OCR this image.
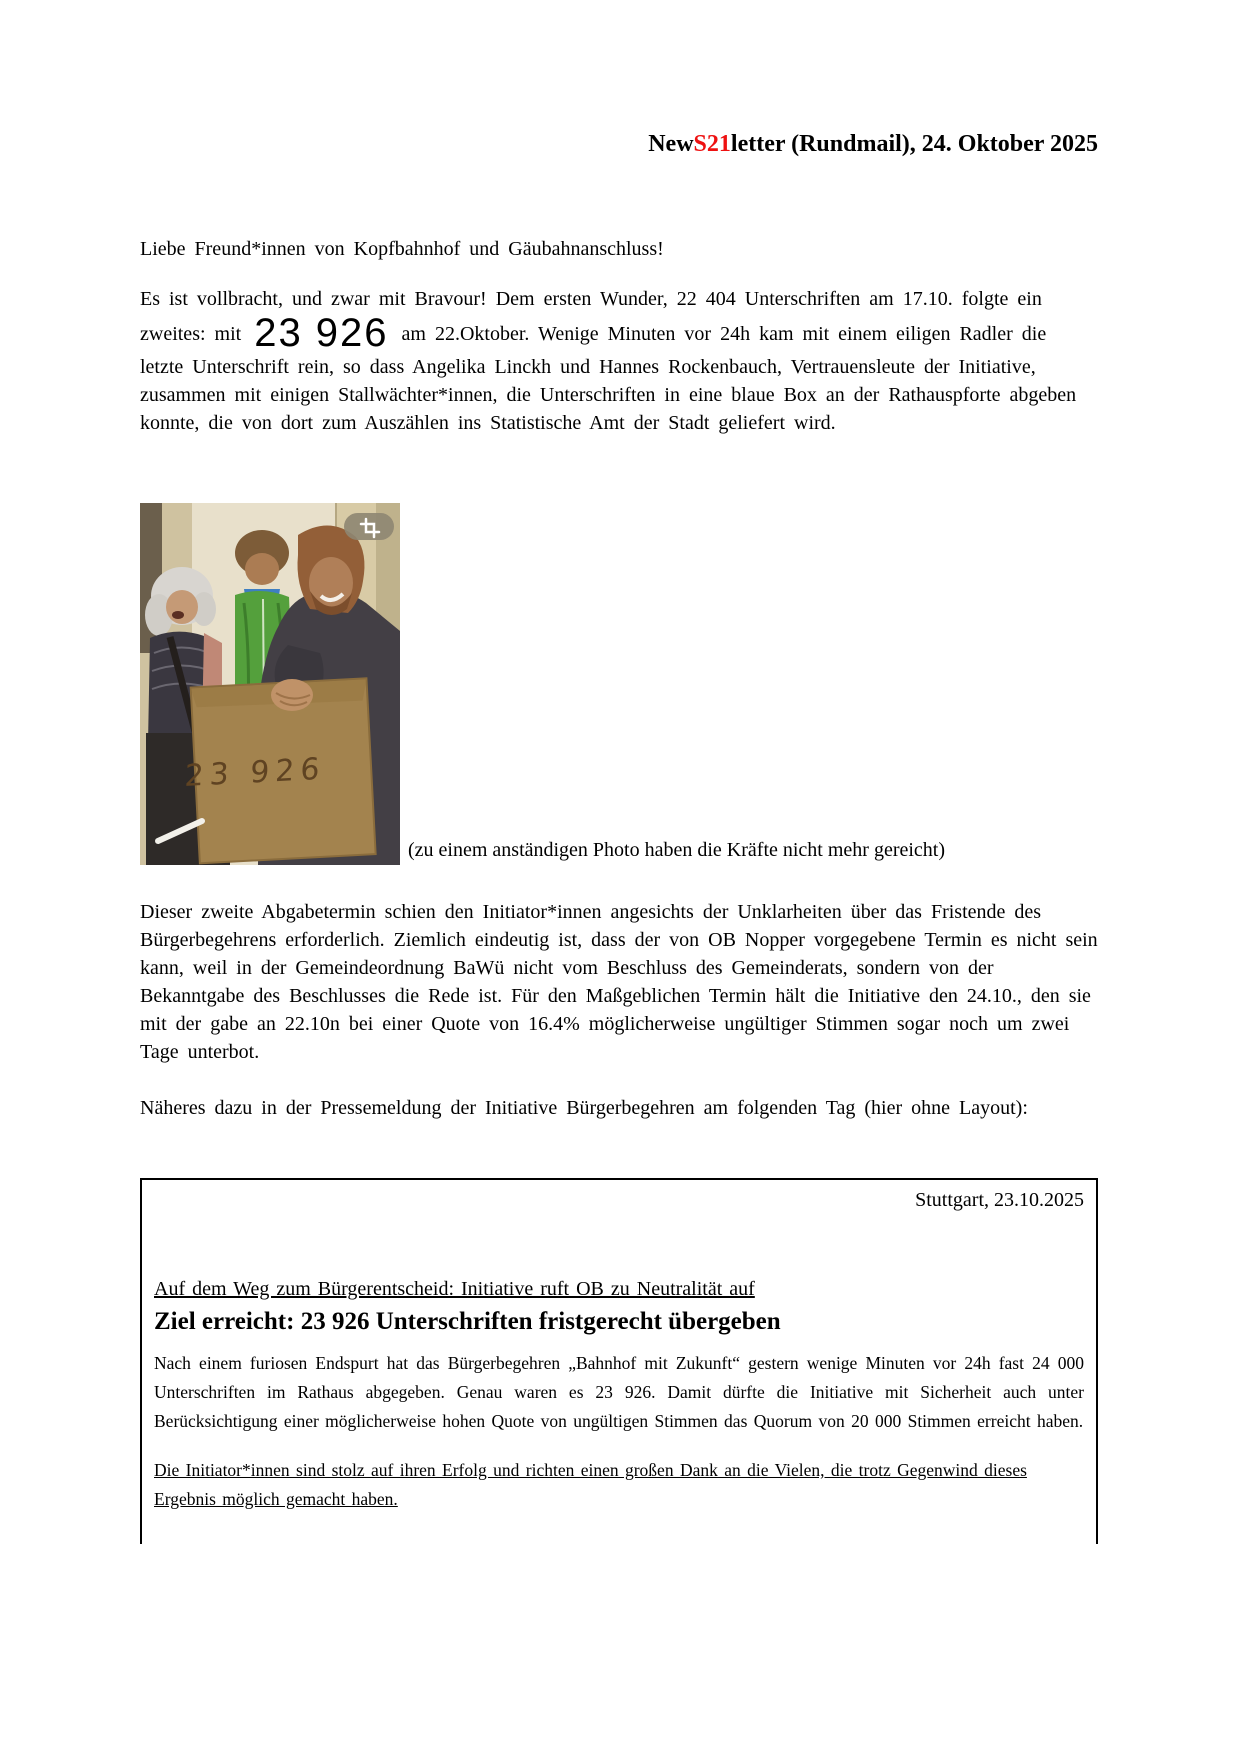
NewS21letter (Rundmail), 24. Oktober 2025

Liebe Freund*innen von Kopfbahnhof und Gäubahnanschluss!

Es ist vollbracht, und zwar mit Bravour! Dem ersten Wunder, 22 404 Unterschriften am 17.10. folgte ein zweites: mit 23 926 am 22.Oktober. Wenige Minuten vor 24h kam mit einem eiligen Radler die letzte Unterschrift rein, so dass Angelika Linckh und Hannes Rockenbauch, Vertrauensleute der Initiative, zusammen mit einigen Stallwächter*innen, die Unterschriften in eine blaue Box an der Rathauspforte abgeben konnte, die von dort zum Auszählen ins Statistische Amt der Stadt geliefert wird.

23 926
(zu einem anständigen Photo haben die Kräfte nicht mehr gereicht)

Dieser zweite Abgabetermin schien den Initiator*innen angesichts der Unklarheiten über das Fristende des Bürgerbegehrens erforderlich. Ziemlich eindeutig ist, dass der von OB Nopper vorgegebene Termin es nicht sein kann, weil in der Gemeindeordnung BaWü nicht vom Beschluss des Gemeinderats, sondern von der Bekanntgabe des Beschlusses die Rede ist. Für den Maßgeblichen Termin hält die Initiative den 24.10., den sie mit der gabe an 22.10n bei einer Quote von 16.4% möglicherweise ungültiger Stimmen sogar noch um zwei Tage unterbot.

Näheres dazu in der Pressemeldung der Initiative Bürgerbegehren am folgenden Tag (hier ohne Layout):

Stuttgart, 23.10.2025
Auf dem Weg zum Bürgerentscheid: Initiative ruft OB zu Neutralität auf
Ziel erreicht: 23 926 Unterschriften fristgerecht übergeben

Nach einem furiosen Endspurt hat das Bürgerbegehren „Bahnhof mit Zukunft“ gestern wenige Minuten vor 24h fast 24 000 Unterschriften im Rathaus abgegeben. Genau waren es 23 926. Damit dürfte die Initiative mit Sicherheit auch unter Berücksichtigung einer möglicherweise hohen Quote von ungültigen Stimmen das Quorum von 20 000 Stimmen erreicht haben.

Die Initiator*innen sind stolz auf ihren Erfolg und richten einen großen Dank an die Vielen, die trotz Gegenwind dieses Ergebnis möglich gemacht haben.
